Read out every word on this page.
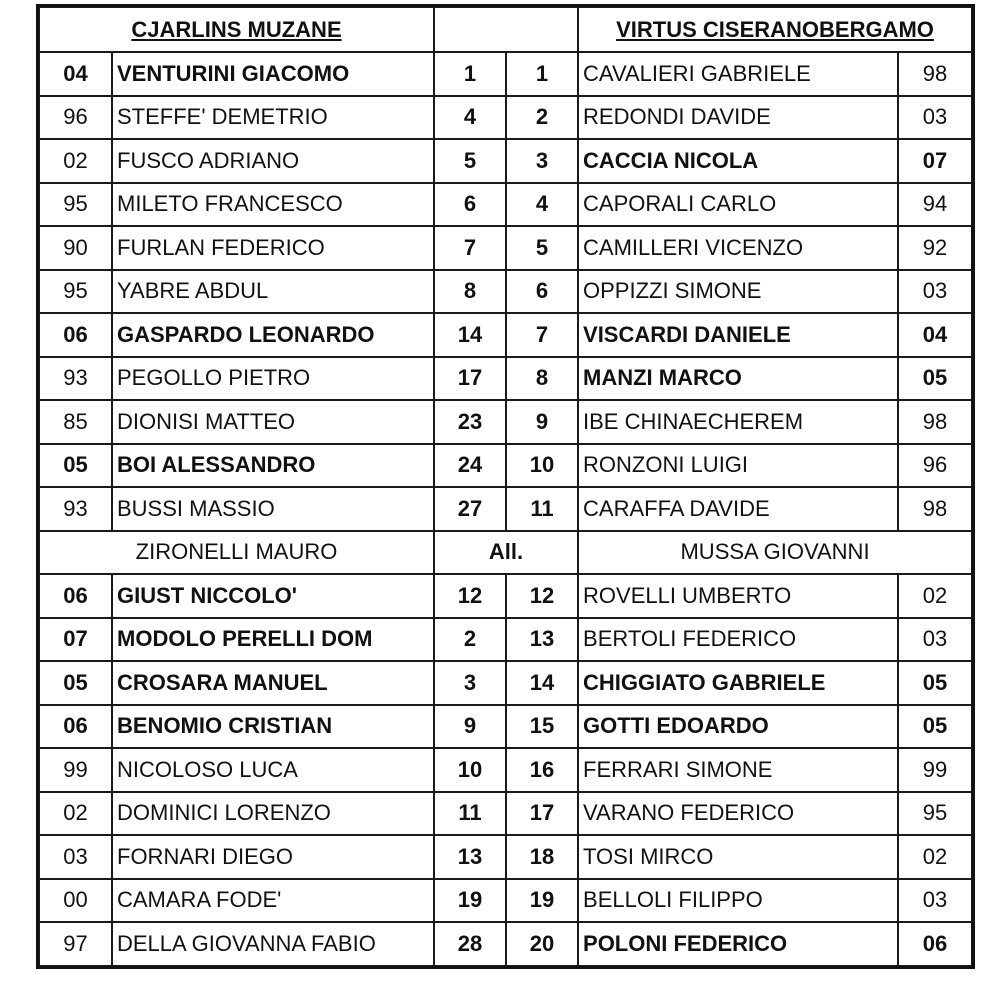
CJARLINS MUZANE				VIRTUS CISERANOBERGAMO	
04	VENTURINI GIACOMO	1	1	CAVALIERI GABRIELE	98
96	STEFFE' DEMETRIO	4	2	REDONDI DAVIDE	03
02	FUSCO ADRIANO	5	3	CACCIA NICOLA	07
95	MILETO FRANCESCO	6	4	CAPORALI CARLO	94
90	FURLAN FEDERICO	7	5	CAMILLERI VICENZO	92
95	YABRE ABDUL	8	6	OPPIZZI SIMONE	03
06	GASPARDO LEONARDO	14	7	VISCARDI DANIELE	04
93	PEGOLLO PIETRO	17	8	MANZI MARCO	05
85	DIONISI MATTEO	23	9	IBE CHINAECHEREM	98
05	BOI ALESSANDRO	24	10	RONZONI LUIGI	96
93	BUSSI MASSIO	27	11	CARAFFA DAVIDE	98
ZIRONELLI MAURO		All.		MUSSA GIOVANNI	
06	GIUST NICCOLO'	12	12	ROVELLI UMBERTO	02
07	MODOLO PERELLI DOM	2	13	BERTOLI FEDERICO	03
05	CROSARA MANUEL	3	14	CHIGGIATO GABRIELE	05
06	BENOMIO CRISTIAN	9	15	GOTTI EDOARDO	05
99	NICOLOSO LUCA	10	16	FERRARI SIMONE	99
02	DOMINICI LORENZO	11	17	VARANO FEDERICO	95
03	FORNARI DIEGO	13	18	TOSI MIRCO	02
00	CAMARA FODE'	19	19	BELLOLI FILIPPO	03
97	DELLA GIOVANNA FABIO	28	20	POLONI FEDERICO	06
